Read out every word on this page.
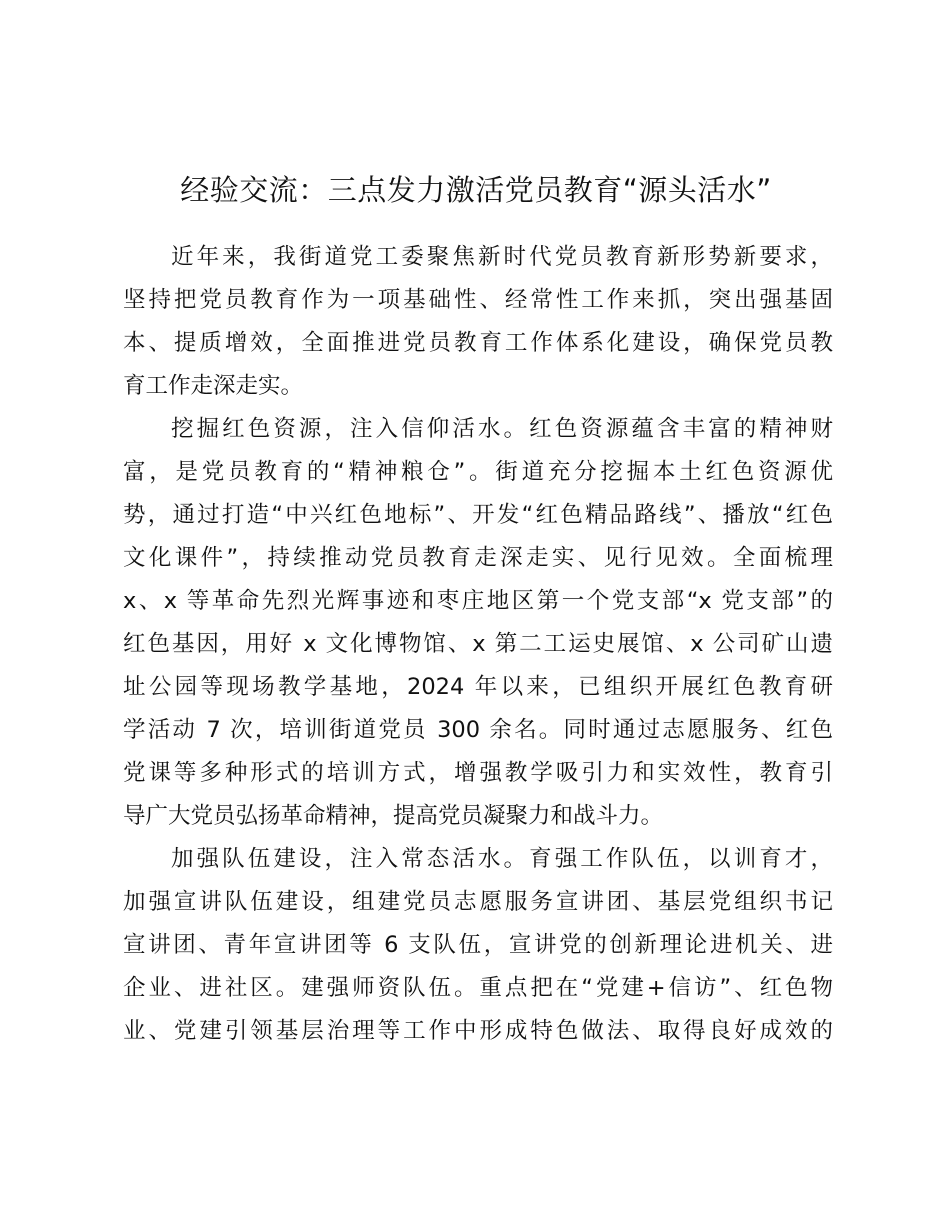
经验交流：三点发力激活党员教育“源头活水”
近年来，我街道党工委聚焦新时代党员教育新形势新要求，
坚持把党员教育作为一项基础性、经常性工作来抓，突出强基固
本、提质增效，全面推进党员教育工作体系化建设，确保党员教
育工作走深走实。
挖掘红色资源，注入信仰活水。红色资源蕴含丰富的精神财
富，是党员教育的“精神粮仓”。街道充分挖掘本土红色资源优
势，通过打造“中兴红色地标”、开发“红色精品路线”、播放“红色
文化课件”，持续推动党员教育走深走实、见行见效。全面梳理
x、x 等革命先烈光辉事迹和枣庄地区第一个党支部“x 党支部”的
红色基因，用好 x 文化博物馆、x 第二工运史展馆、x 公司矿山遗
址公园等现场教学基地，2024 年以来，已组织开展红色教育研
学活动 7 次，培训街道党员 300 余名。同时通过志愿服务、红色
党课等多种形式的培训方式，增强教学吸引力和实效性，教育引
导广大党员弘扬革命精神，提高党员凝聚力和战斗力。
加强队伍建设，注入常态活水。育强工作队伍，以训育才，
加强宣讲队伍建设，组建党员志愿服务宣讲团、基层党组织书记
宣讲团、青年宣讲团等 6 支队伍，宣讲党的创新理论进机关、进
企业、进社区。建强师资队伍。重点把在“党建+信访”、红色物
业、党建引领基层治理等工作中形成特色做法、取得良好成效的
